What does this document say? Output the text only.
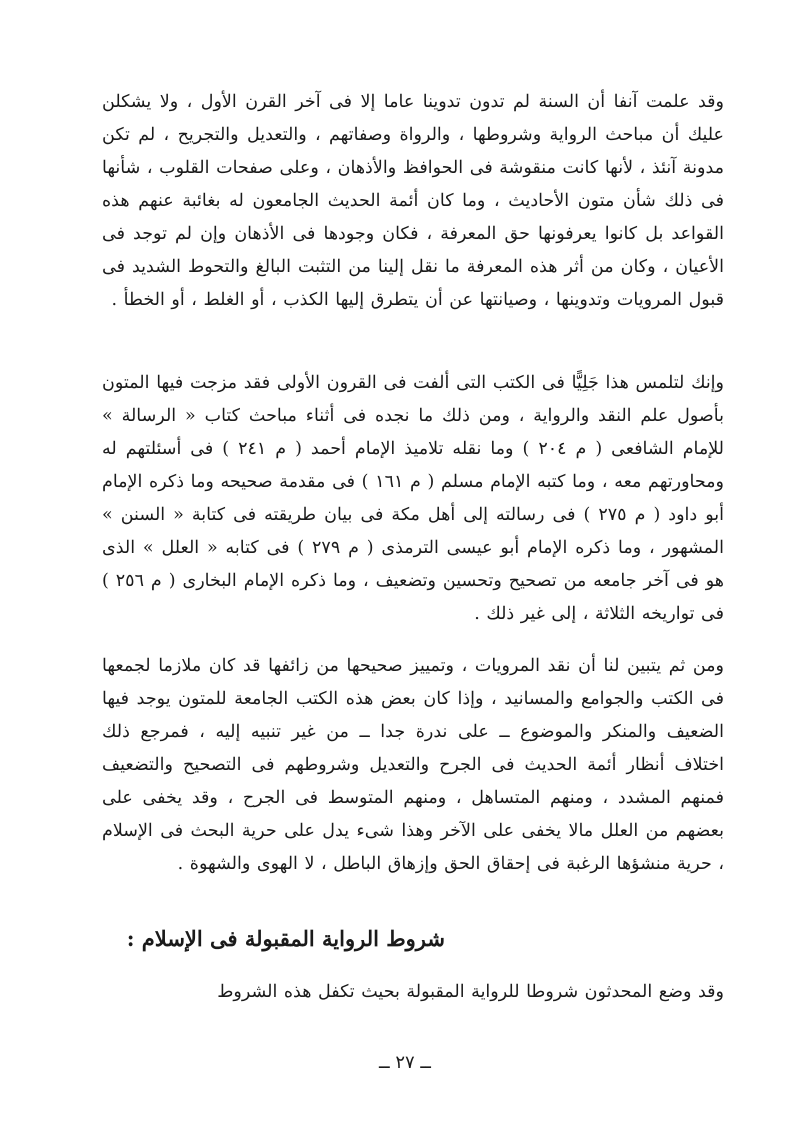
وقد علمت آنفا أن السنة لم تدون تدوينا عاما إلا فى آخر القرن الأول ، ولا يشكلن عليك أن مباحث الرواية وشروطها ، والرواة وصفاتهم ، والتعديل والتجريح ، لم تكن مدونة آنئذ ، لأنها كانت منقوشة فى الحوافظ والأذهان ، وعلى صفحات القلوب ، شأنها فى ذلك شأن متون الأحاديث ، وما كان أئمة الحديث الجامعون له بغائبة عنهم هذه القواعد بل كانوا يعرفونها حق المعرفة ، فكان وجودها فى الأذهان وإن لم توجد فى الأعيان ، وكان من أثر هذه المعرفة ما نقل إلينا من التثبت البالغ والتحوط الشديد فى قبول المرويات وتدوينها ، وصيانتها عن أن يتطرق إليها الكذب ، أو الغلط ، أو الخطأ .

وإنك لتلمس هذا جَلِيًّا فى الكتب التى ألفت فى القرون الأولى فقد مزجت فيها المتون بأصول علم النقد والرواية ، ومن ذلك ما نجده فى أثناء مباحث كتاب « الرسالة » للإمام الشافعى ( م ٢٠٤ ) وما نقله تلاميذ الإمام أحمد ( م ٢٤١ ) فى أسئلتهم له ومحاورتهم معه ، وما كتبه الإمام مسلم ( م ١٦١ ) فى مقدمة صحيحه وما ذكره الإمام أبو داود ( م ٢٧٥ ) فى رسالته إلى أهل مكة فى بيان طريقته فى كتابة « السنن » المشهور ، وما ذكره الإمام أبو عيسى الترمذى ( م ٢٧٩ ) فى كتابه « العلل » الذى هو فى آخر جامعه من تصحيح وتحسين وتضعيف ، وما ذكره الإمام البخارى ( م ٢٥٦ ) فى تواريخه الثلاثة ، إلى غير ذلك .

ومن ثم يتبين لنا أن نقد المرويات ، وتمييز صحيحها من زائفها قد كان ملازما لجمعها فى الكتب والجوامع والمسانيد ، وإذا كان بعض هذه الكتب الجامعة للمتون يوجد فيها الضعيف والمنكر والموضوع ــ على ندرة جدا ــ من غير تنبيه إليه ، فمرجع ذلك اختلاف أنظار أئمة الحديث فى الجرح والتعديل وشروطهم فى التصحيح والتضعيف فمنهم المشدد ، ومنهم المتساهل ، ومنهم المتوسط فى الجرح ، وقد يخفى على بعضهم من العلل مالا يخفى على الآخر وهذا شىء يدل على حرية البحث فى الإسلام ، حرية منشؤها الرغبة فى إحقاق الحق وإزهاق الباطل ، لا الهوى والشهوة .

شروط الرواية المقبولة فى الإسلام :

وقد وضع المحدثون شروطا للرواية المقبولة بحيث تكفل هذه الشروط

ــ ٢٧ ــ
